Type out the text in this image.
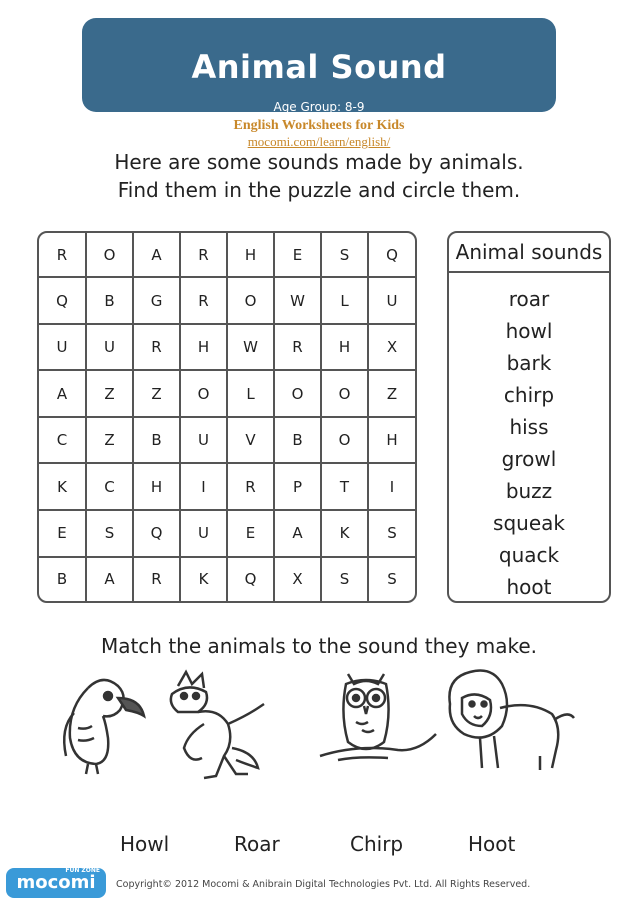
Animal Sound
Age Group: 8-9
English Worksheets for Kids
mocomi.com/learn/english/
Here are some sounds made by animals.
Find them in the puzzle and circle them.
R	O	A	R	H	E	S	Q
Q	B	G	R	O	W	L	U
U	U	R	H	W	R	H	X
A	Z	Z	O	L	O	O	Z
C	Z	B	U	V	B	O	H
K	C	H	I	R	P	T	I
E	S	Q	U	E	A	K	S
B	A	R	K	Q	X	S	S
Animal sounds
roar
howl
bark
chirp
hiss
growl
buzz
squeak
quack
hoot
Match the animals to the sound they make.
Howl	Roar	Chirp	Hoot
mocomi
FUN ZONE
Copyright© 2012 Mocomi & Anibrain Digital Technologies Pvt. Ltd. All Rights Reserved.
